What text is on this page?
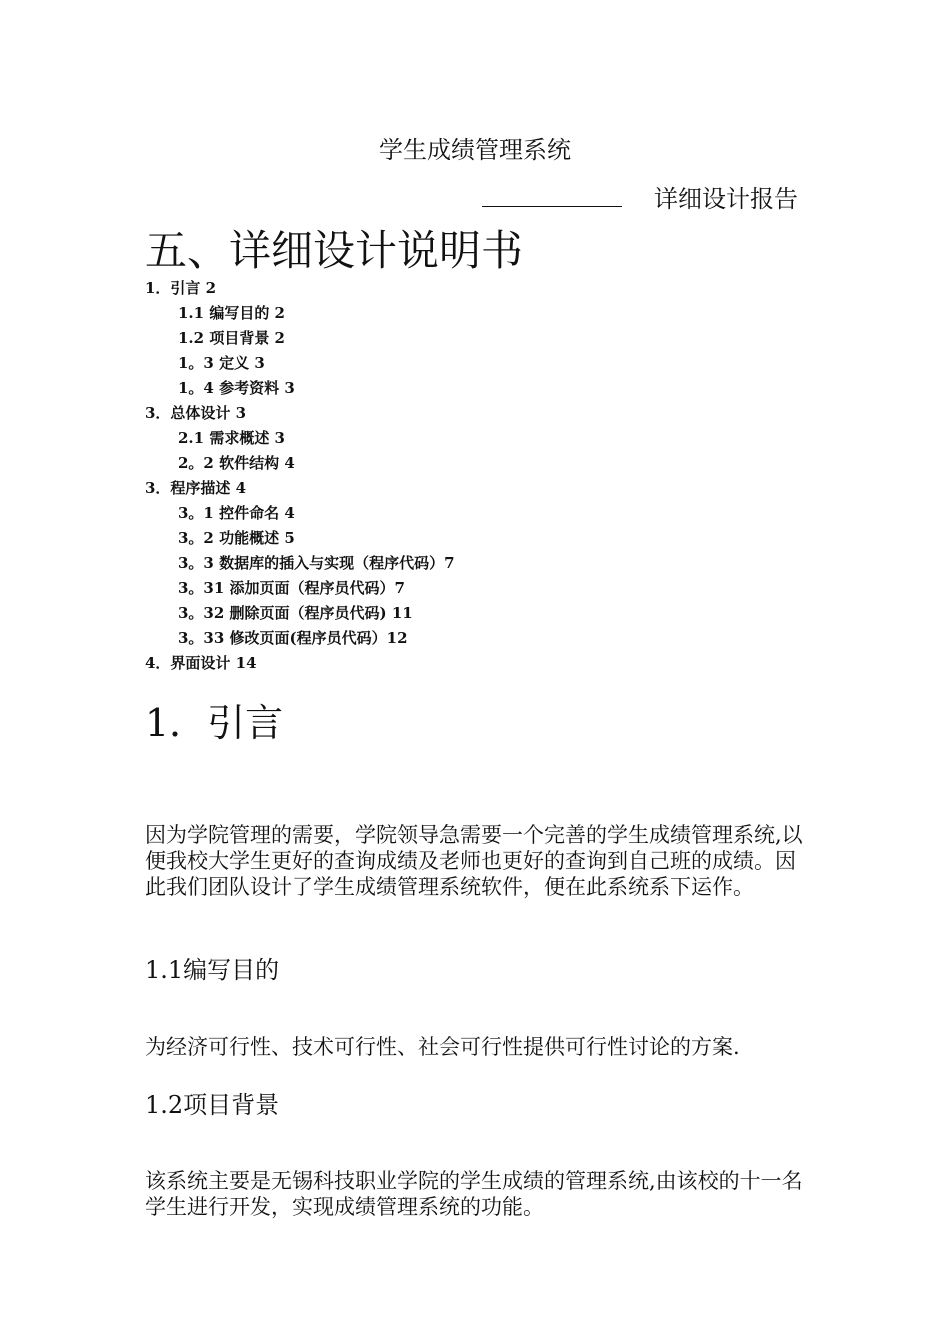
学生成绩管理系统
详细设计报告
五、详细设计说明书
1．引言 2
1.1 编写目的 2
1.2 项目背景 2
1。3 定义 3
1。4 参考资料 3
3．总体设计 3
2.1 需求概述 3
2。2 软件结构 4
3．程序描述 4
3。1 控件命名 4
3。2 功能概述 5
3。3 数据库的插入与实现（程序代码）7
3。31 添加页面（程序员代码）7
3。32 删除页面（程序员代码) 11
3。33 修改页面(程序员代码）12
4．界面设计 14
1．引言
因为学院管理的需要，学院领导急需要一个完善的学生成绩管理系统,以便我校大学生更好的查询成绩及老师也更好的查询到自己班的成绩。因此我们团队设计了学生成绩管理系统软件，便在此系统系下运作。
1.1编写目的
为经济可行性、技术可行性、社会可行性提供可行性讨论的方案.
1.2项目背景
该系统主要是无锡科技职业学院的学生成绩的管理系统,由该校的十一名学生进行开发，实现成绩管理系统的功能。
